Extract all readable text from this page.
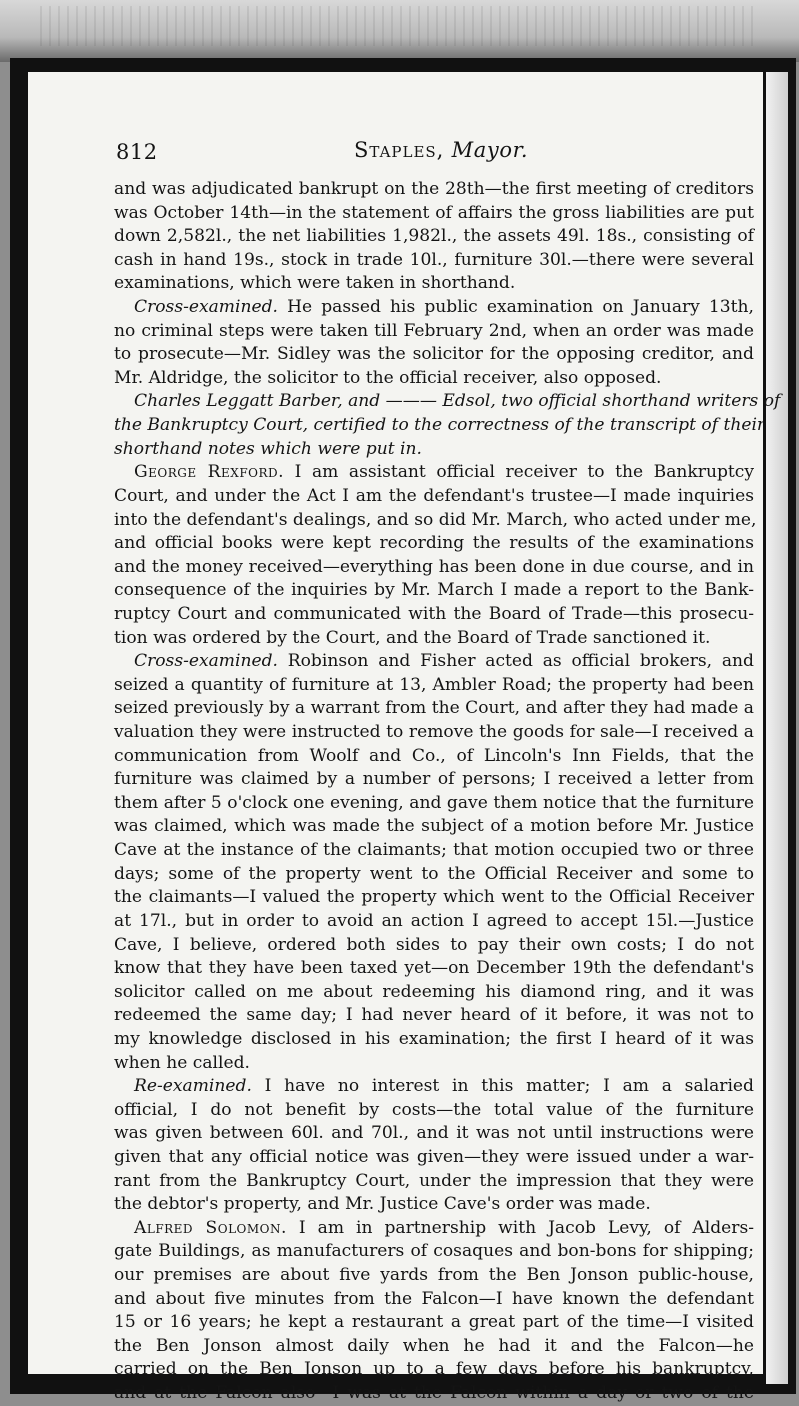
812	Staples, Mayor.
and was adjudicated bankrupt on the 28th—the first meeting of creditors
was October 14th—in the statement of affairs the gross liabilities are put
down 2,582l., the net liabilities 1,982l., the assets 49l. 18s., consisting of
cash in hand 19s., stock in trade 10l., furniture 30l.—there were several
examinations, which were taken in shorthand.
Cross-examined. He passed his public examination on January 13th,
no criminal steps were taken till February 2nd, when an order was made
to prosecute—Mr. Sidley was the solicitor for the opposing creditor, and
Mr. Aldridge, the solicitor to the official receiver, also opposed.
Charles Leggatt Barber, and ——— Edsol, two official shorthand writers of
the Bankruptcy Court, certified to the correctness of the transcript of their
shorthand notes which were put in.
George Rexford. I am assistant official receiver to the Bankruptcy
Court, and under the Act I am the defendant's trustee—I made inquiries
into the defendant's dealings, and so did Mr. March, who acted under me,
and official books were kept recording the results of the examinations
and the money received—everything has been done in due course, and in
consequence of the inquiries by Mr. March I made a report to the Bank-
ruptcy Court and communicated with the Board of Trade—this prosecu-
tion was ordered by the Court, and the Board of Trade sanctioned it.
Cross-examined. Robinson and Fisher acted as official brokers, and
seized a quantity of furniture at 13, Ambler Road; the property had been
seized previously by a warrant from the Court, and after they had made a
valuation they were instructed to remove the goods for sale—I received a
communication from Woolf and Co., of Lincoln's Inn Fields, that the
furniture was claimed by a number of persons; I received a letter from
them after 5 o'clock one evening, and gave them notice that the furniture
was claimed, which was made the subject of a motion before Mr. Justice
Cave at the instance of the claimants; that motion occupied two or three
days; some of the property went to the Official Receiver and some to
the claimants—I valued the property which went to the Official Receiver
at 17l., but in order to avoid an action I agreed to accept 15l.—Justice
Cave, I believe, ordered both sides to pay their own costs; I do not
know that they have been taxed yet—on December 19th the defendant's
solicitor called on me about redeeming his diamond ring, and it was
redeemed the same day; I had never heard of it before, it was not to
my knowledge disclosed in his examination; the first I heard of it was
when he called.
Re-examined. I have no interest in this matter; I am a salaried
official, I do not benefit by costs—the total value of the furniture
was given between 60l. and 70l., and it was not until instructions were
given that any official notice was given—they were issued under a war-
rant from the Bankruptcy Court, under the impression that they were
the debtor's property, and Mr. Justice Cave's order was made.
Alfred Solomon. I am in partnership with Jacob Levy, of Alders-
gate Buildings, as manufacturers of cosaques and bon-bons for shipping;
our premises are about five yards from the Ben Jonson public-house,
and about five minutes from the Falcon—I have known the defendant
15 or 16 years; he kept a restaurant a great part of the time—I visited
the Ben Jonson almost daily when he had it and the Falcon—he
carried on the Ben Jonson up to a few days before his bankruptcy,
and at the Falcon also—I was at the Falcon within a day or two of the
